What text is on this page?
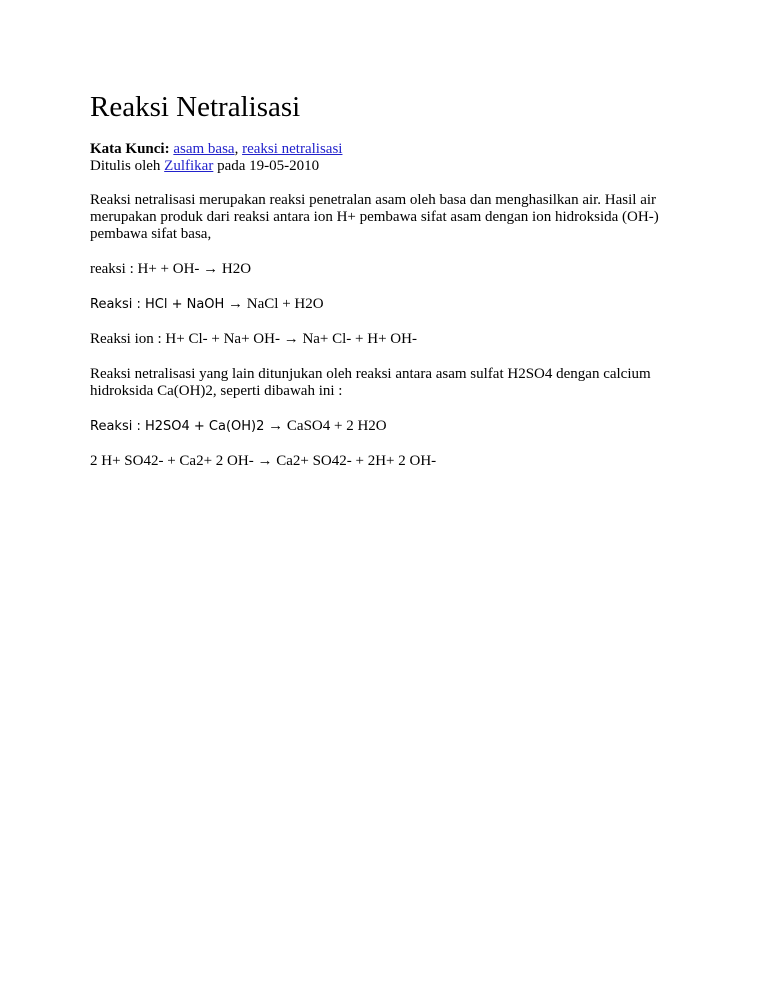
Reaksi Netralisasi
Kata Kunci: asam basa, reaksi netralisasi
Ditulis oleh Zulfikar pada 19-05-2010

Reaksi netralisasi merupakan reaksi penetralan asam oleh basa dan menghasilkan air. Hasil air merupakan produk dari reaksi antara ion H+ pembawa sifat asam dengan ion hidroksida (OH-) pembawa sifat basa,

reaksi : H+ + OH- → H2O

Reaksi : HCl + NaOH → NaCl + H2O

Reaksi ion : H+ Cl- + Na+ OH- → Na+ Cl- + H+ OH-

Reaksi netralisasi yang lain ditunjukan oleh reaksi antara asam sulfat H2SO4 dengan calcium hidroksida Ca(OH)2, seperti dibawah ini :

Reaksi : H2SO4 + Ca(OH)2 → CaSO4 + 2 H2O

2 H+ SO42- + Ca2+ 2 OH- → Ca2+ SO42- + 2H+ 2 OH-
